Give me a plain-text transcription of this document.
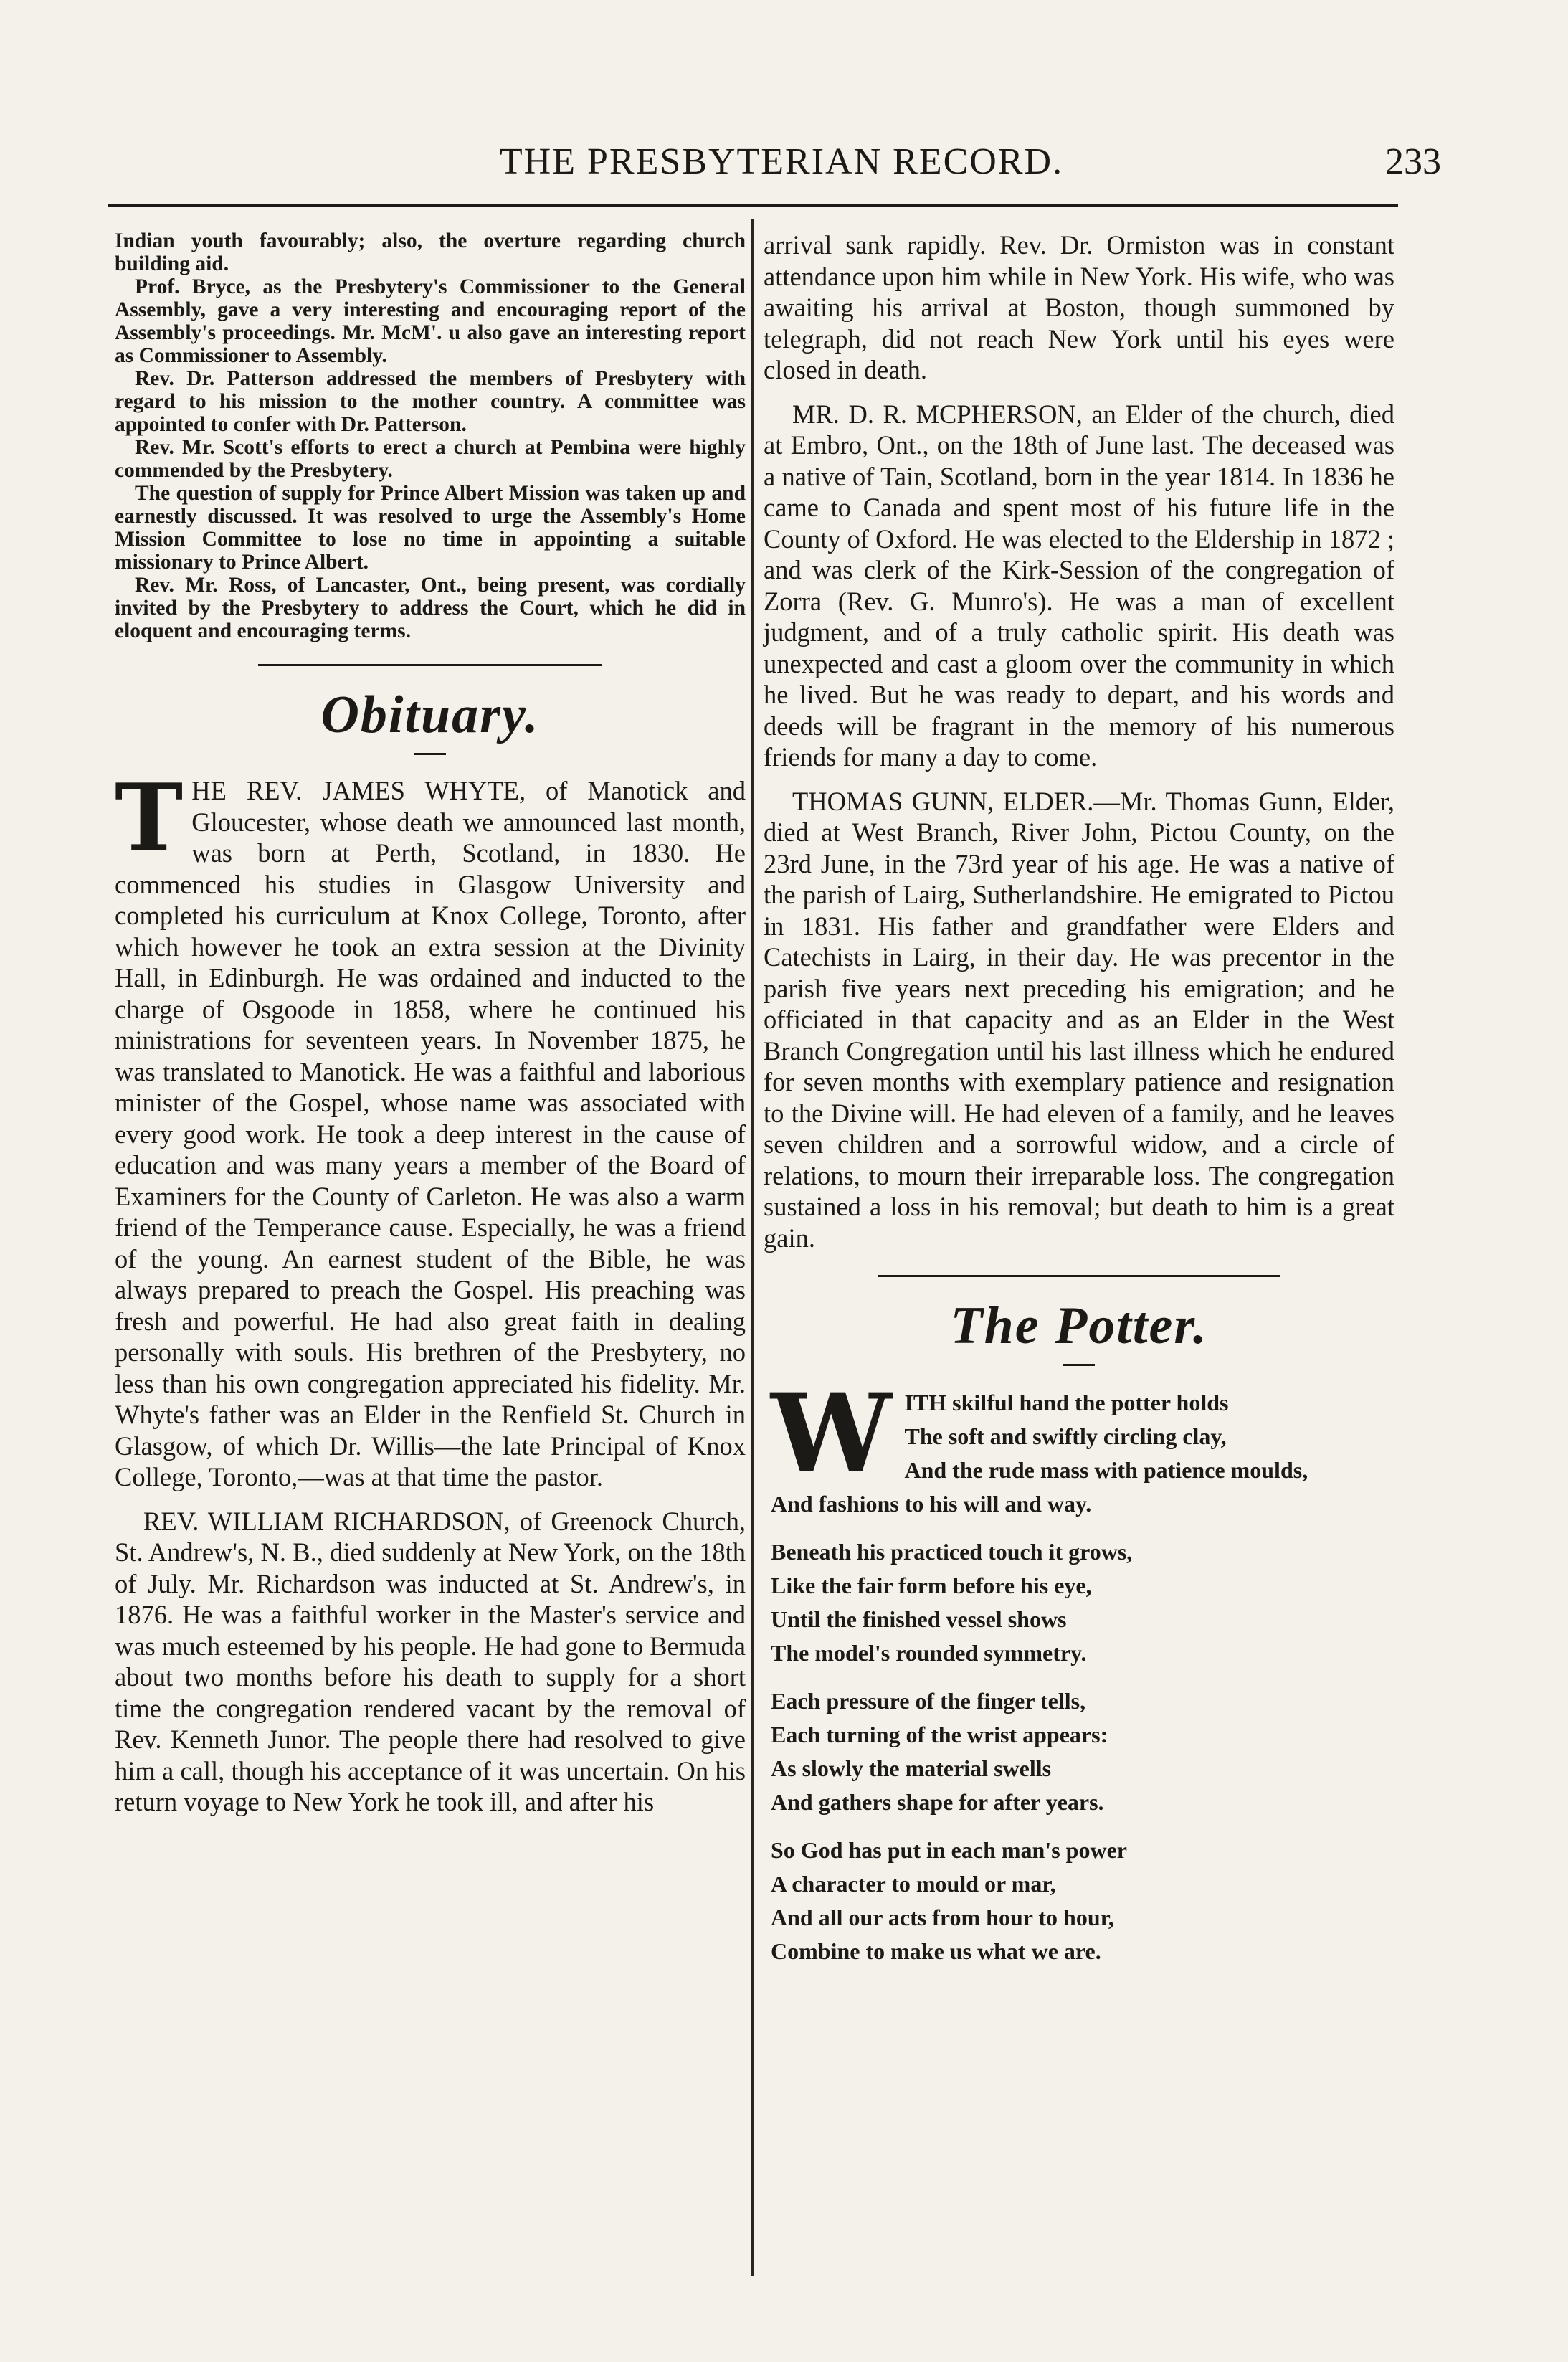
THE PRESBYTERIAN RECORD.	233

Indian youth favourably; also, the overture regarding church building aid.

Prof. Bryce, as the Presbytery's Commissioner to the General Assembly, gave a very interesting and encouraging report of the Assembly's proceedings. Mr. McM'. u also gave an interesting report as Commissioner to Assembly.

Rev. Dr. Patterson addressed the members of Presbytery with regard to his mission to the mother country. A committee was appointed to confer with Dr. Patterson.

Rev. Mr. Scott's efforts to erect a church at Pembina were highly commended by the Presbytery.

The question of supply for Prince Albert Mission was taken up and earnestly discussed. It was resolved to urge the Assembly's Home Mission Committee to lose no time in appointing a suitable missionary to Prince Albert.

Rev. Mr. Ross, of Lancaster, Ont., being present, was cordially invited by the Presbytery to address the Court, which he did in eloquent and encouraging terms.

Obituary.

THE REV. JAMES WHYTE, of Manotick and Gloucester, whose death we announced last month, was born at Perth, Scotland, in 1830. He commenced his studies in Glasgow University and completed his curriculum at Knox College, Toronto, after which however he took an extra session at the Divinity Hall, in Edinburgh. He was ordained and inducted to the charge of Osgoode in 1858, where he continued his ministrations for seventeen years. In November 1875, he was translated to Manotick. He was a faithful and laborious minister of the Gospel, whose name was associated with every good work. He took a deep interest in the cause of education and was many years a member of the Board of Examiners for the County of Carleton. He was also a warm friend of the Temperance cause. Especially, he was a friend of the young. An earnest student of the Bible, he was always prepared to preach the Gospel. His preaching was fresh and powerful. He had also great faith in dealing personally with souls. His brethren of the Presbytery, no less than his own congregation appreciated his fidelity. Mr. Whyte's father was an Elder in the Renfield St. Church in Glasgow, of which Dr. Willis—the late Principal of Knox College, Toronto,—was at that time the pastor.

REV. WILLIAM RICHARDSON, of Greenock Church, St. Andrew's, N. B., died suddenly at New York, on the 18th of July. Mr. Richardson was inducted at St. Andrew's, in 1876. He was a faithful worker in the Master's service and was much esteemed by his people. He had gone to Bermuda about two months before his death to supply for a short time the congregation rendered vacant by the removal of Rev. Kenneth Junor. The people there had resolved to give him a call, though his acceptance of it was uncertain. On his return voyage to New York he took ill, and after his

arrival sank rapidly. Rev. Dr. Ormiston was in constant attendance upon him while in New York. His wife, who was awaiting his arrival at Boston, though summoned by telegraph, did not reach New York until his eyes were closed in death.

MR. D. R. MCPHERSON, an Elder of the church, died at Embro, Ont., on the 18th of June last. The deceased was a native of Tain, Scotland, born in the year 1814. In 1836 he came to Canada and spent most of his future life in the County of Oxford. He was elected to the Eldership in 1872 ; and was clerk of the Kirk-Session of the congregation of Zorra (Rev. G. Munro's). He was a man of excellent judgment, and of a truly catholic spirit. His death was unexpected and cast a gloom over the community in which he lived. But he was ready to depart, and his words and deeds will be fragrant in the memory of his numerous friends for many a day to come.

THOMAS GUNN, ELDER.—Mr. Thomas Gunn, Elder, died at West Branch, River John, Pictou County, on the 23rd June, in the 73rd year of his age. He was a native of the parish of Lairg, Sutherlandshire. He emigrated to Pictou in 1831. His father and grandfather were Elders and Catechists in Lairg, in their day. He was precentor in the parish five years next preceding his emigration; and he officiated in that capacity and as an Elder in the West Branch Congregation until his last illness which he endured for seven months with exemplary patience and resignation to the Divine will. He had eleven of a family, and he leaves seven children and a sorrowful widow, and a circle of relations, to mourn their irreparable loss. The congregation sustained a loss in his removal; but death to him is a great gain.

The Potter.
W ITH skilful hand the potter holds
The soft and swiftly circling clay,
And the rude mass with patience moulds,
And fashions to his will and way.
Beneath his practiced touch it grows,
Like the fair form before his eye,
Until the finished vessel shows
The model's rounded symmetry.
Each pressure of the finger tells,
Each turning of the wrist appears:
As slowly the material swells
And gathers shape for after years.
So God has put in each man's power
A character to mould or mar,
And all our acts from hour to hour,
Combine to make us what we are.
